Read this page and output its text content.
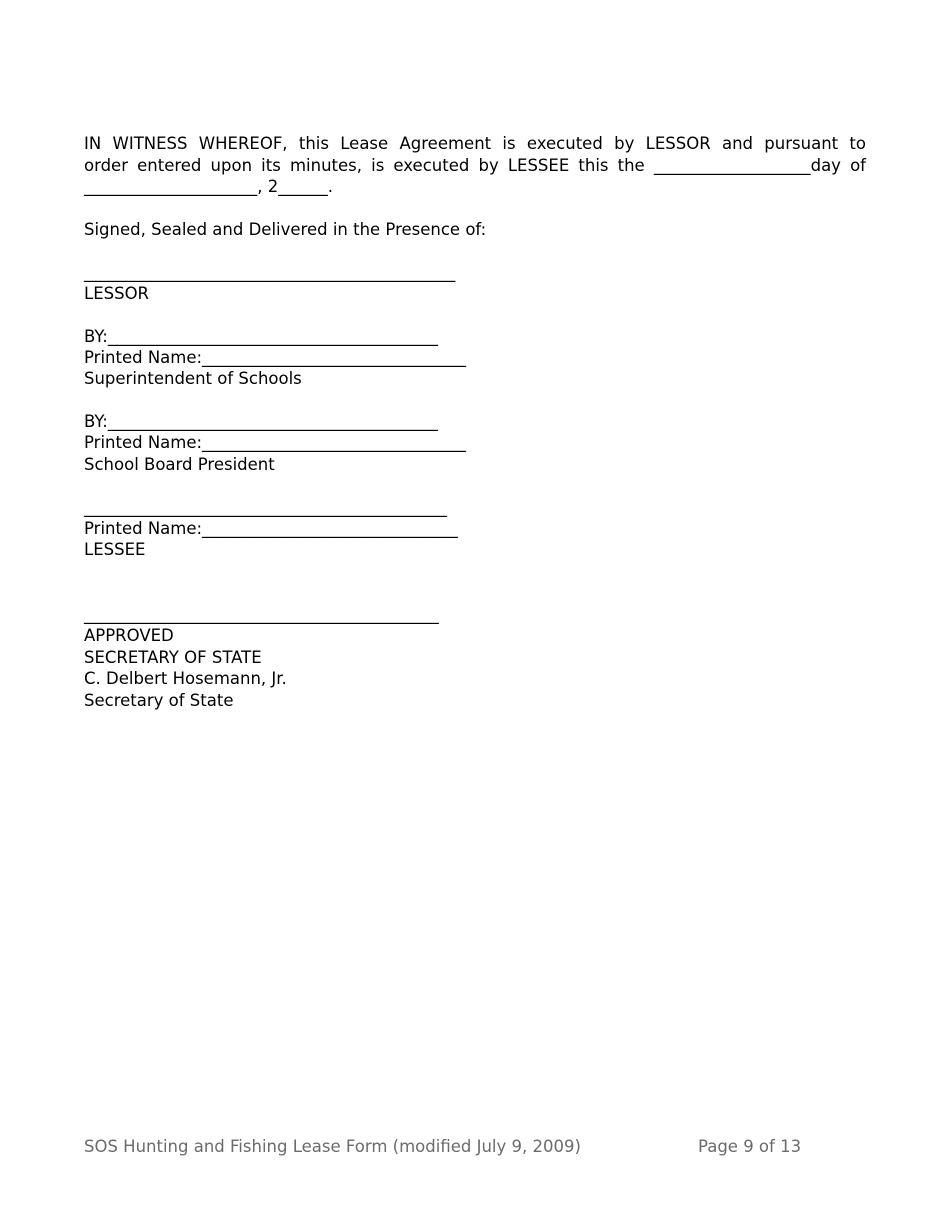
IN WITNESS WHEREOF, this Lease Agreement is executed by LESSOR and pursuant to
order entered upon its minutes, is executed by LESSEE this the ___________________day of
_____________________, 2______.
Signed, Sealed and Delivered in the Presence of:
_____________________________________________
LESSOR
BY:________________________________________
Printed Name:________________________________
Superintendent of Schools
BY:________________________________________
Printed Name:________________________________
School Board President
____________________________________________
Printed Name:_______________________________
LESSEE
___________________________________________
APPROVED
SECRETARY OF STATE
C. Delbert Hosemann, Jr.
Secretary of State
SOS Hunting and Fishing Lease Form (modified July 9, 2009)	Page 9 of 13
